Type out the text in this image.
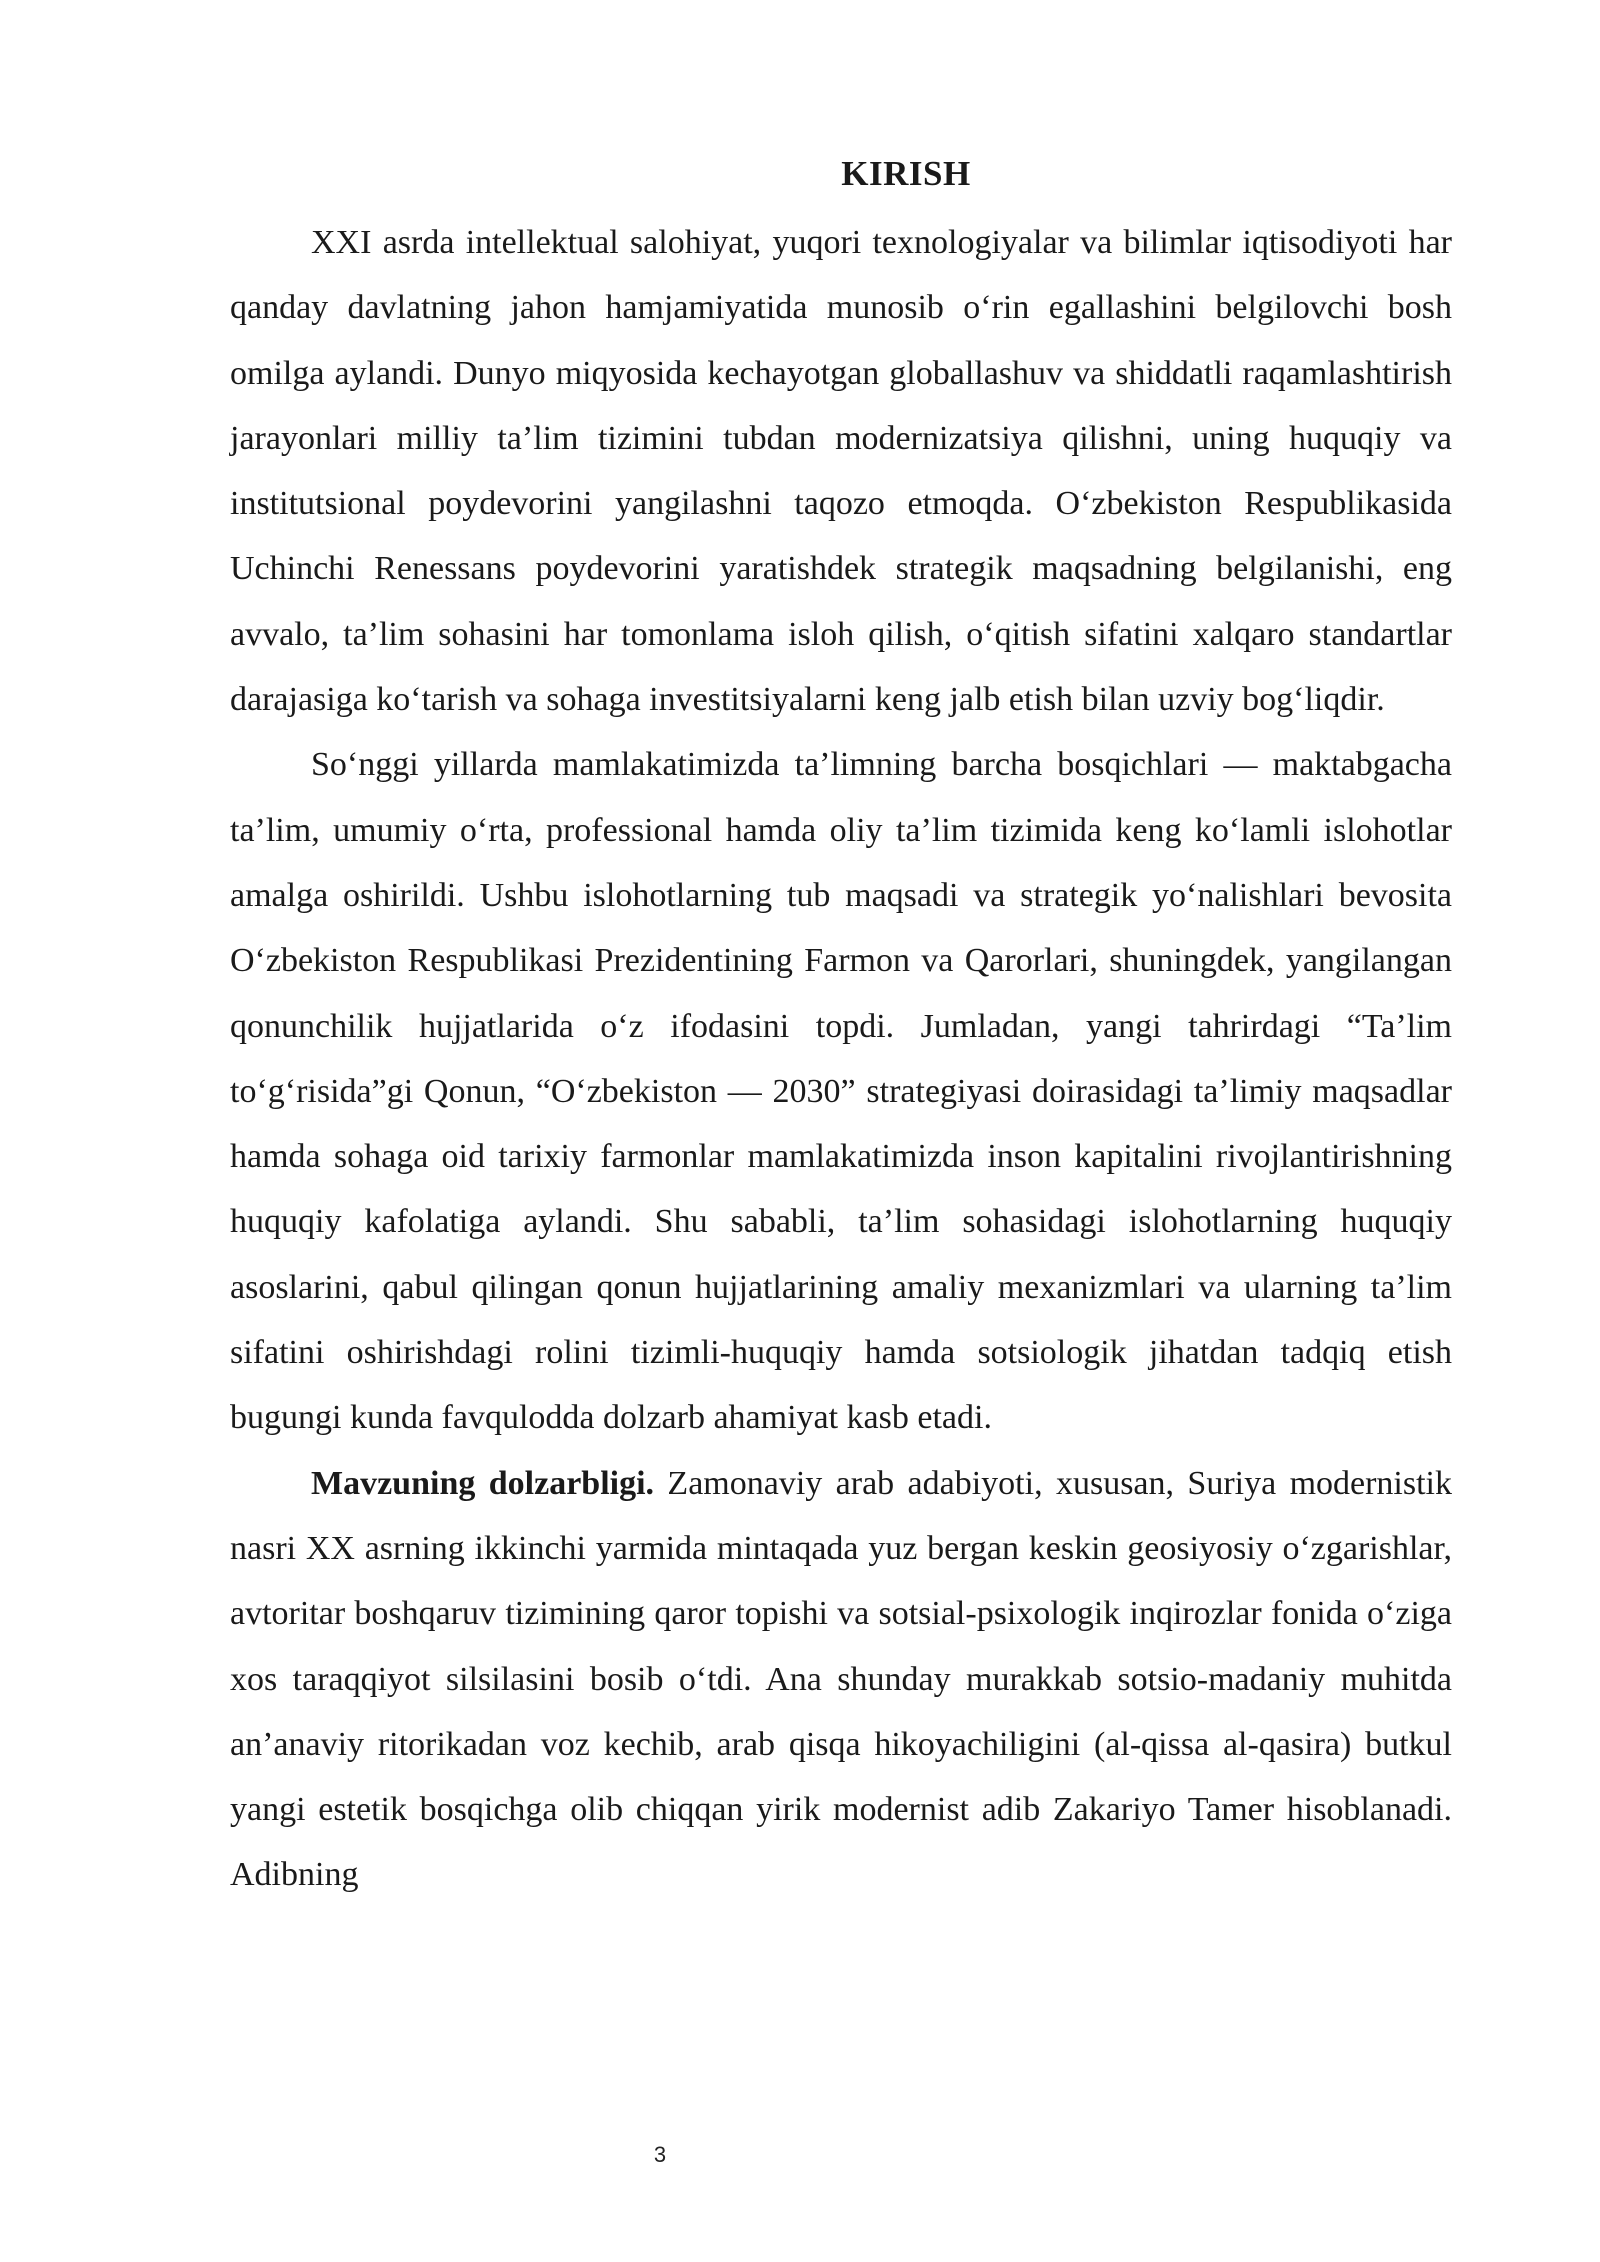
KIRISH

XXI asrda intellektual salohiyat, yuqori texnologiyalar va bilimlar iqtisodiyoti har qanday davlatning jahon hamjamiyatida munosib o‘rin egallashini belgilovchi bosh omilga aylandi. Dunyo miqyosida kechayotgan globallashuv va shiddatli raqamlashtirish jarayonlari milliy ta’lim tizimini tubdan modernizatsiya qilishni, uning huquqiy va institutsional poydevorini yangilashni taqozo etmoqda. O‘zbekiston Respublikasida Uchinchi Renessans poydevorini yaratishdek strategik maqsadning belgilanishi, eng avvalo, ta’lim sohasini har tomonlama isloh qilish, o‘qitish sifatini xalqaro standartlar darajasiga ko‘tarish va sohaga investitsiyalarni keng jalb etish bilan uzviy bog‘liqdir.

So‘nggi yillarda mamlakatimizda ta’limning barcha bosqichlari — maktabgacha ta’lim, umumiy o‘rta, professional hamda oliy ta’lim tizimida keng ko‘lamli islohotlar amalga oshirildi. Ushbu islohotlarning tub maqsadi va strategik yo‘nalishlari bevosita O‘zbekiston Respublikasi Prezidentining Farmon va Qarorlari, shuningdek, yangilangan qonunchilik hujjatlarida o‘z ifodasini topdi. Jumladan, yangi tahrirdagi “Ta’lim to‘g‘risida”gi Qonun, “O‘zbekiston — 2030” strategiyasi doirasidagi ta’limiy maqsadlar hamda sohaga oid tarixiy farmonlar mamlakatimizda inson kapitalini rivojlantirishning huquqiy kafolatiga aylandi. Shu sababli, ta’lim sohasidagi islohotlarning huquqiy asoslarini, qabul qilingan qonun hujjatlarining amaliy mexanizmlari va ularning ta’lim sifatini oshirishdagi rolini tizimli-huquqiy hamda sotsiologik jihatdan tadqiq etish bugungi kunda favqulodda dolzarb ahamiyat kasb etadi.

Mavzuning dolzarbligi. Zamonaviy arab adabiyoti, xususan, Suriya modernistik nasri XX asrning ikkinchi yarmida mintaqada yuz bergan keskin geosiyosiy o‘zgarishlar, avtoritar boshqaruv tizimining qaror topishi va sotsial-psixologik inqirozlar fonida o‘ziga xos taraqqiyot silsilasini bosib o‘tdi. Ana shunday murakkab sotsio-madaniy muhitda an’anaviy ritorikadan voz kechib, arab qisqa hikoyachiligini (al-qissa al-qasira) butkul yangi estetik bosqichga olib chiqqan yirik modernist adib Zakariyo Tamer hisoblanadi. Adibning

3
